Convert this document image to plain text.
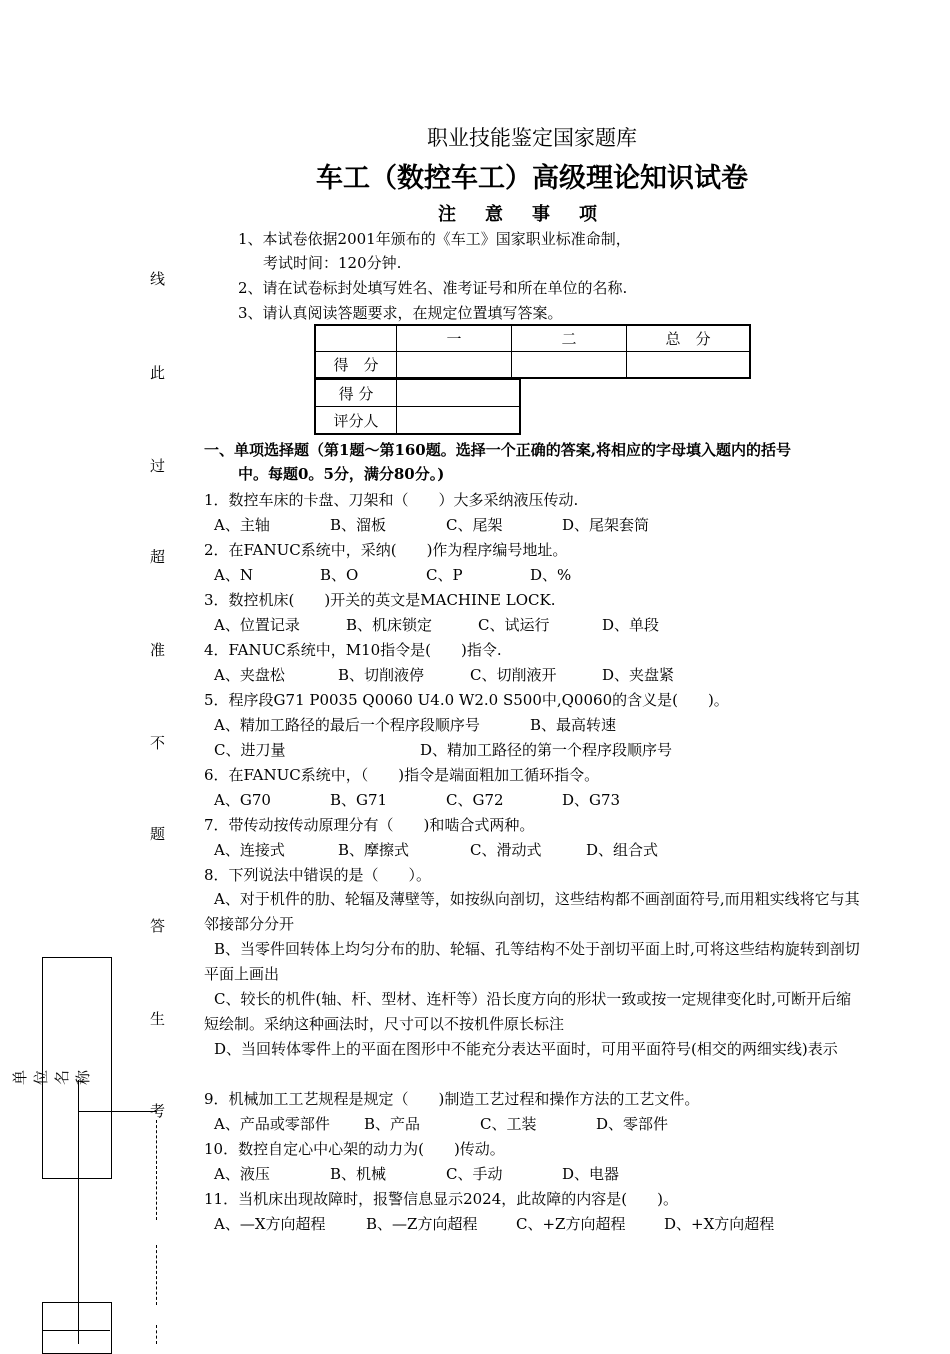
职业技能鉴定国家题库
车工（数控车工）高级理论知识试卷
注意事项
1、本试卷依据2001年颁布的《车工》国家职业标准命制，
考试时间：120分钟.
2、请在试卷标封处填写姓名、准考证号和所在单位的名称.
3、请认真阅读答题要求，在规定位置填写答案。
	一	二	总　分
得　分			
得 分	
评分人	
一、单项选择题（第1题～第160题。选择一个正确的答案,将相应的字母填入题内的括号
中。每题0。5分，满分80分。)
1．数控车床的卡盘、刀架和（　　）大多采纳液压传动.
A、主轴	B、溜板	C、尾架	D、尾架套筒
2．在FANUC系统中，采纳(　　)作为程序编号地址。
A、N	B、O	C、P	D、%
3．数控机床(　　)开关的英文是MACHINE LOCK.
A、位置记录	B、机床锁定	C、试运行	D、单段
4．FANUC系统中，M10指令是(　　)指令.
A、夹盘松	B、切削液停	C、切削液开	D、夹盘紧
5．程序段G71 P0035 Q0060 U4.0 W2.0 S500中,Q0060的含义是(　　)。
A、精加工路径的最后一个程序段顺序号	B、最高转速
C、进刀量	D、精加工路径的第一个程序段顺序号
6．在FANUC系统中，（　　)指令是端面粗加工循环指令。
A、G70	B、G71	C、G72	D、G73
7．带传动按传动原理分有（　　)和啮合式两种。
A、连接式	B、摩擦式	C、滑动式	D、组合式
8．下列说法中错误的是（　　）。
A、对于机件的肋、轮辐及薄壁等，如按纵向剖切，这些结构都不画剖面符号,而用粗实线将它与其邻接部分分开
B、当零件回转体上均匀分布的肋、轮辐、孔等结构不处于剖切平面上时,可将这些结构旋转到剖切平面上画出
C、较长的机件(轴、杆、型材、连杆等）沿长度方向的形状一致或按一定规律变化时,可断开后缩短绘制。采纳这种画法时，尺寸可以不按机件原长标注
D、当回转体零件上的平面在图形中不能充分表达平面时，可用平面符号(相交的两细实线)表示
9．机械加工工艺规程是规定（　　)制造工艺过程和操作方法的工艺文件。
A、产品或零部件 B、产品	C、工装	D、零部件
10．数控自定心中心架的动力为(　　)传动。
A、液压	B、机械	C、手动	D、电器
11．当机床出现故障时，报警信息显示2024，此故障的内容是(　　)。
A、—X方向超程	B、—Z方向超程	C、+Z方向超程	D、+X方向超程
线
此
过
超
准
不
题
答
生
考
单位名称
